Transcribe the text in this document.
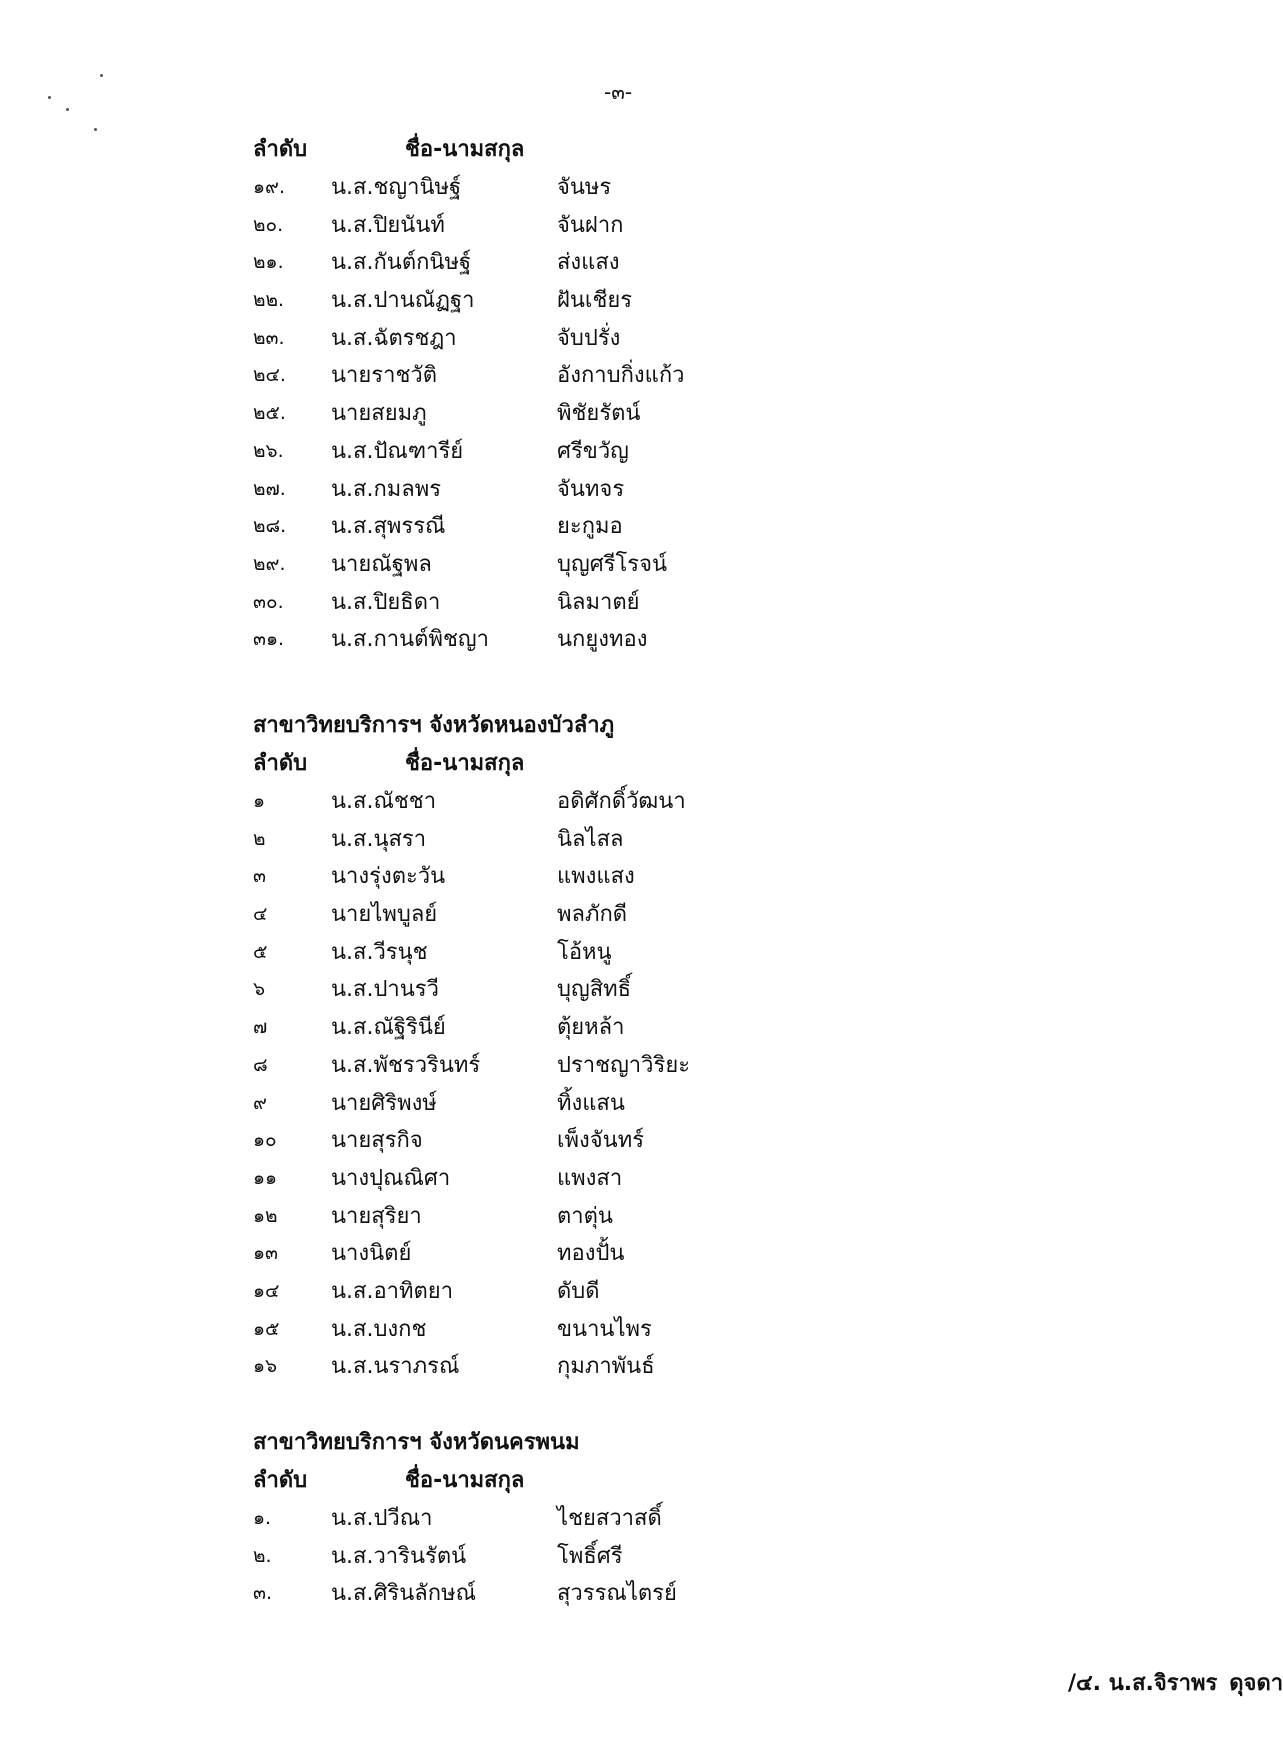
-๓-
ลำดับ	ชื่อ-นามสกุล
๑๙.	น.ส.ชญานิษฐ์	จันษร
๒๐.	น.ส.ปิยนันท์	จันฝาก
๒๑.	น.ส.กันต์กนิษฐ์	ส่งแสง
๒๒.	น.ส.ปานณัฏฐา	ฝันเชียร
๒๓.	น.ส.ฉัตรชฎา	จับปรั่ง
๒๔.	นายราชวัติ	อังกาบกิ่งแก้ว
๒๕.	นายสยมภู	พิชัยรัตน์
๒๖.	น.ส.ปัณฑารีย์	ศรีขวัญ
๒๗.	น.ส.กมลพร	จันทจร
๒๘.	น.ส.สุพรรณี	ยะกูมอ
๒๙.	นายณัฐพล	บุญศรีโรจน์
๓๐.	น.ส.ปิยธิดา	นิลมาตย์
๓๑.	น.ส.กานต์พิชญา	นกยูงทอง
สาขาวิทยบริการฯ จังหวัดหนองบัวลำภู
ลำดับ	ชื่อ-นามสกุล
๑	น.ส.ณัชชา	อดิศักดิ์วัฒนา
๒	น.ส.นุสรา	นิลไสล
๓	นางรุ่งตะวัน	แพงแสง
๔	นายไพบูลย์	พลภักดี
๕	น.ส.วีรนุช	โอ้หนู
๖	น.ส.ปานรวี	บุญสิทธิ์
๗	น.ส.ณัฐิรินีย์	ตุ้ยหล้า
๘	น.ส.พัชรวรินทร์	ปราชญาวิริยะ
๙	นายศิริพงษ์	ทิ้งแสน
๑๐	นายสุรกิจ	เพ็งจันทร์
๑๑	นางปุณณิศา	แพงสา
๑๒	นายสุริยา	ตาตุ่น
๑๓	นางนิตย์	ทองปั้น
๑๔	น.ส.อาทิตยา	ดับดี
๑๕	น.ส.บงกช	ขนานไพร
๑๖	น.ส.นราภรณ์	กุมภาพันธ์
สาขาวิทยบริการฯ จังหวัดนครพนม
ลำดับ	ชื่อ-นามสกุล
๑.	น.ส.ปวีณา	ไชยสวาสดิ์
๒.	น.ส.วารินรัตน์	โพธิ์ศรี
๓.	น.ส.ศิรินลักษณ์	สุวรรณไตรย์
/๔. น.ส.จิราพร ดุจดา
